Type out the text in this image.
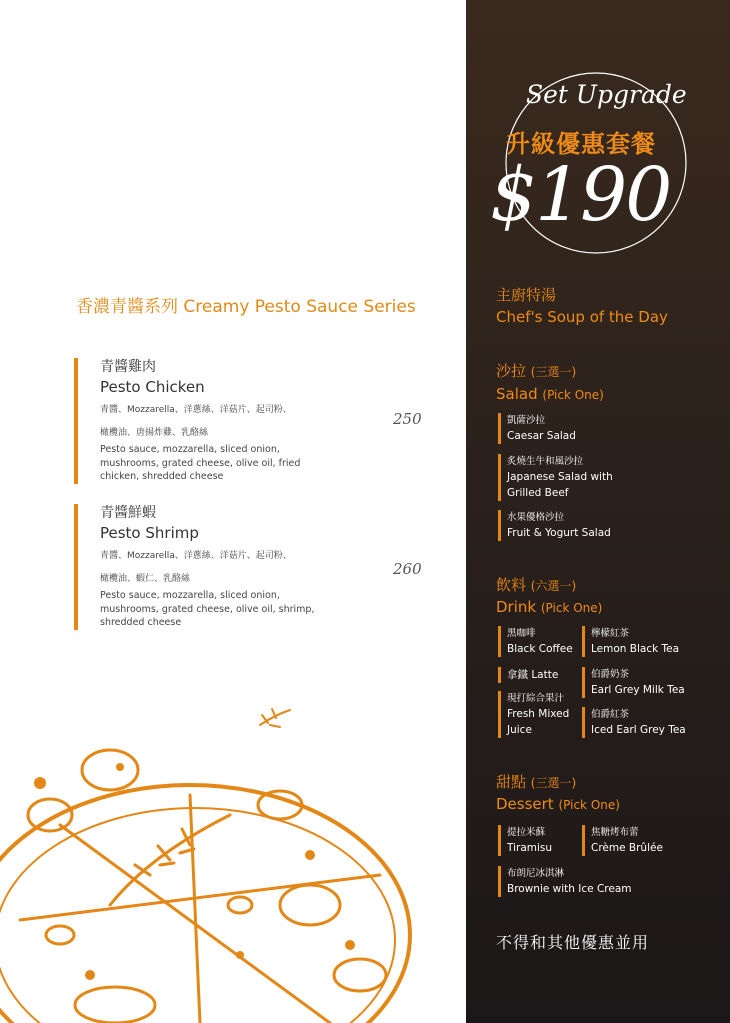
香濃青醬系列 Creamy Pesto Sauce Series
青醬雞肉
Pesto Chicken
青醬、Mozzarella、洋蔥絲、洋菇片、起司粉、
橄欖油、唐揚炸雞、乳酪絲
Pesto sauce, mozzarella, sliced onion, mushrooms, grated cheese, olive oil, fried chicken, shredded cheese
250
青醬鮮蝦
Pesto Shrimp
青醬、Mozzarella、洋蔥絲、洋菇片、起司粉、
橄欖油、蝦仁、乳酪絲
Pesto sauce, mozzarella, sliced onion, mushrooms, grated cheese, olive oil, shrimp, shredded cheese
260
Set Upgrade
升級優惠套餐
$190
主廚特湯
Chef's Soup of the Day
沙拉 (三選一)
Salad (Pick One)
凱薩沙拉
Caesar Salad
炙燒生牛和風沙拉
Japanese Salad with
Grilled Beef
水果優格沙拉
Fruit & Yogurt Salad
飲料 (六選一)
Drink (Pick One)
黑咖啡
Black Coffee
檸檬紅茶
Lemon Black Tea
拿鐵 Latte	伯爵奶茶
Earl Grey Milk Tea
現打綜合果汁
Fresh Mixed
Juice
伯爵紅茶
Iced Earl Grey Tea
甜點 (三選一)
Dessert (Pick One)
提拉米蘇
Tiramisu
焦糖烤布蕾
Crème Brûlée
布朗尼冰淇淋
Brownie with Ice Cream
不得和其他優惠並用
